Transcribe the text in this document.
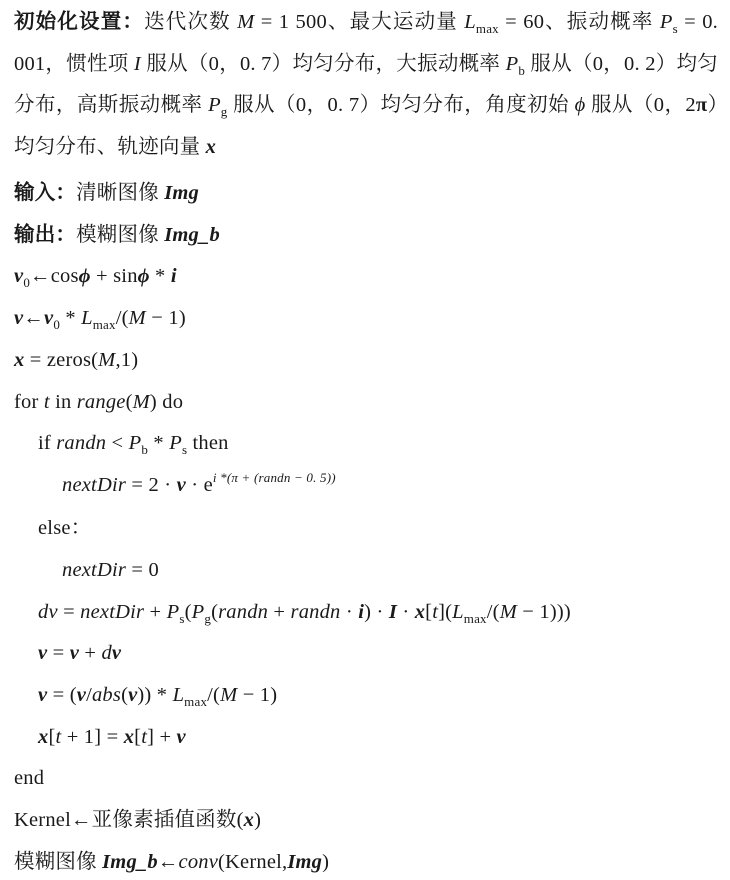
初始化设置：迭代次数 M = 1 500、最大运动量 $L_{max} = 60$、振动概率 $P_s = 0$. 001，惯性项 I 服从（0，0. 7）均匀分布，大振动概率 $P_b$ 服从（0，0. 2）均匀分布，高斯振动概率 $P_g$ 服从（0，0. 7）均匀分布，角度初始 ϕ 服从（0，2π）均匀分布、轨迹向量 x
输入：清晰图像 Img
输出：模糊图像 Img_b
$v_0\leftarrow\cos\phi + \sin\phi * i$
$v\leftarrow v_0 * L_{max}/(M - 1)$
x = zeros(M,1)
for t in range(M) do
if randn < $P_b * P_s$ then
nextDir = $2 \cdot v \cdot e^{i *(\pi + (randn - 0. 5))}$
else：
nextDir = 0
dv = nextDir + $P_s(P_g(randn$ + randn · $i) \cdot I \cdot x[t](L_{max}/(M - 1))$)
v = v + dv
$v = (v/abs(v)) * L_{max}/(M - 1)$
x[t + 1] = x[t] + v
end
Kernel←亚像素插值函数(x)
模糊图像 Img_b←conv(Kernel,Img)
